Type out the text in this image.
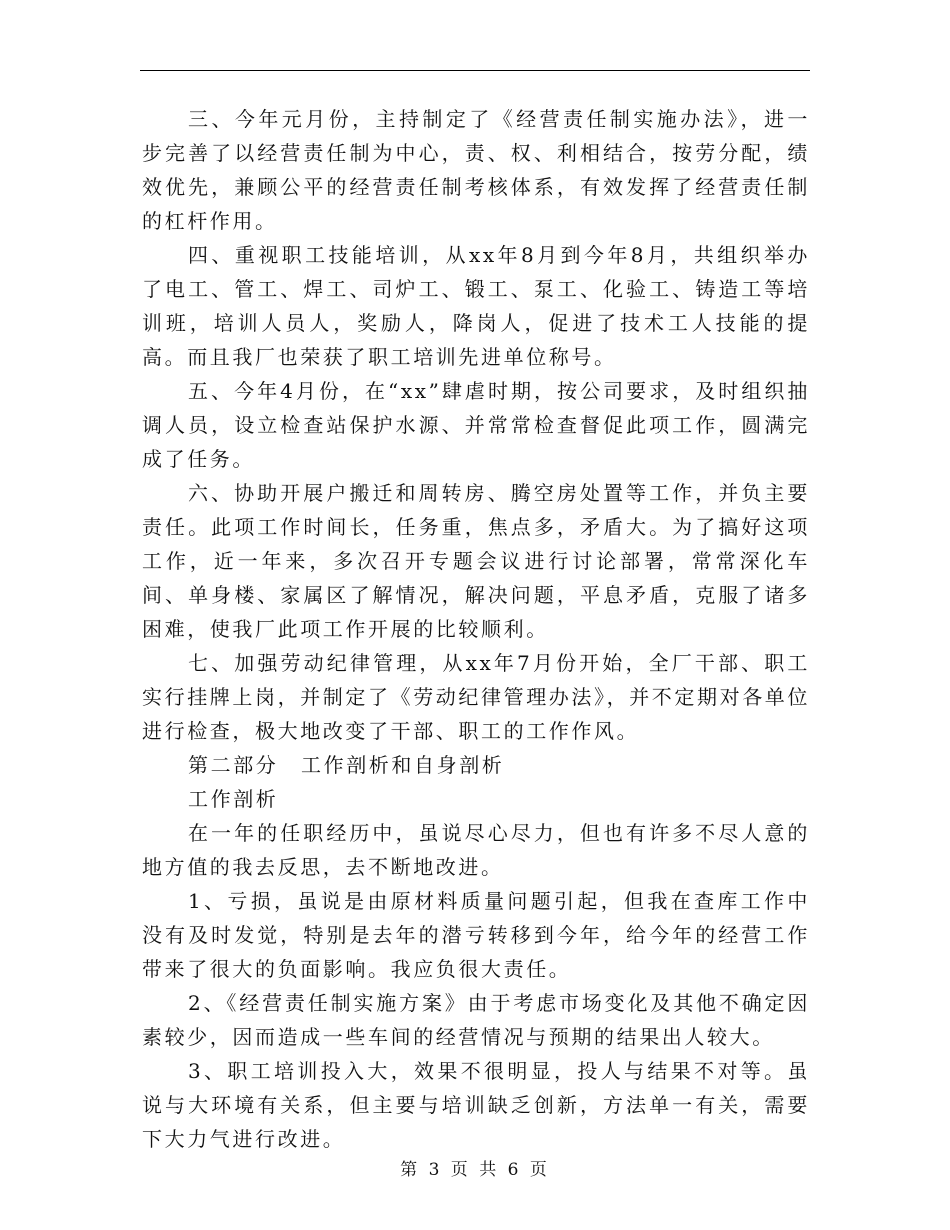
三、今年元月份，主持制定了《经营责任制实施办法》，进一步完善了以经营责任制为中心，责、权、利相结合，按劳分配，绩效优先，兼顾公平的经营责任制考核体系，有效发挥了经营责任制的杠杆作用。

四、重视职工技能培训，从xx年8月到今年8月，共组织举办了电工、管工、焊工、司炉工、锻工、泵工、化验工、铸造工等培训班，培训人员人，奖励人，降岗人，促进了技术工人技能的提高。而且我厂也荣获了职工培训先进单位称号。

五、今年4月份，在“xx”肆虐时期，按公司要求，及时组织抽调人员，设立检查站保护水源、并常常检查督促此项工作，圆满完成了任务。

六、协助开展户搬迁和周转房、腾空房处置等工作，并负主要责任。此项工作时间长，任务重，焦点多，矛盾大。为了搞好这项工作，近一年来，多次召开专题会议进行讨论部署，常常深化车间、单身楼、家属区了解情况，解决问题，平息矛盾，克服了诸多困难，使我厂此项工作开展的比较顺利。

七、加强劳动纪律管理，从xx年7月份开始，全厂干部、职工实行挂牌上岗，并制定了《劳动纪律管理办法》，并不定期对各单位进行检查，极大地改变了干部、职工的工作作风。

第二部分　工作剖析和自身剖析

工作剖析

在一年的任职经历中，虽说尽心尽力，但也有许多不尽人意的地方值的我去反思，去不断地改进。

1、亏损，虽说是由原材料质量问题引起，但我在查库工作中没有及时发觉，特别是去年的潜亏转移到今年，给今年的经营工作带来了很大的负面影响。我应负很大责任。

2、《经营责任制实施方案》由于考虑市场变化及其他不确定因素较少，因而造成一些车间的经营情况与预期的结果出人较大。

3、职工培训投入大，效果不很明显，投人与结果不对等。虽说与大环境有关系，但主要与培训缺乏创新，方法单一有关，需要下大力气进行改进。

第 3 页 共 6 页
